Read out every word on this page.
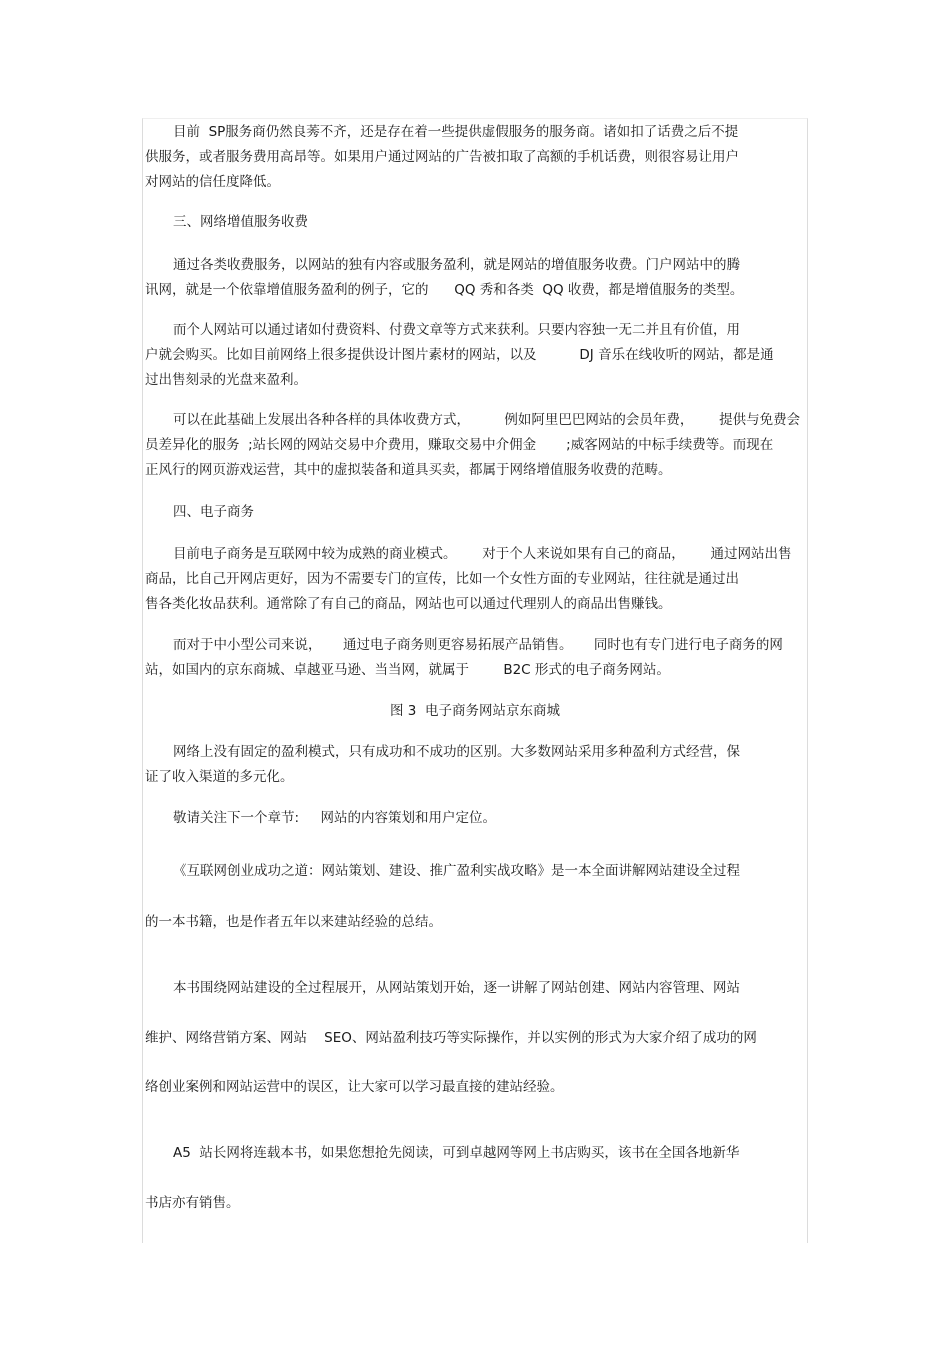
目前  SP服务商仍然良莠不齐，还是存在着一些提供虚假服务的服务商。诸如扣了话费之后不提
供服务，或者服务费用高昂等。如果用户通过网站的广告被扣取了高额的手机话费，则很容易让用户
对网站的信任度降低。
三、网络增值服务收费
通过各类收费服务，以网站的独有内容或服务盈利，就是网站的增值服务收费。门户网站中的腾
讯网，就是一个依靠增值服务盈利的例子，它的      QQ 秀和各类  QQ 收费，都是增值服务的类型。
而个人网站可以通过诸如付费资料、付费文章等方式来获利。只要内容独一无二并且有价值，用
户就会购买。比如目前网络上很多提供设计图片素材的网站，以及          DJ 音乐在线收听的网站，都是通
过出售刻录的光盘来盈利。
可以在此基础上发展出各种各样的具体收费方式，        例如阿里巴巴网站的会员年费，      提供与免费会
员差异化的服务  ;站长网的网站交易中介费用，赚取交易中介佣金       ;威客网站的中标手续费等。而现在
正风行的网页游戏运营，其中的虚拟装备和道具买卖，都属于网络增值服务收费的范畴。
四、电子商务
目前电子商务是互联网中较为成熟的商业模式。      对于个人来说如果有自己的商品，      通过网站出售
商品，比自己开网店更好，因为不需要专门的宣传，比如一个女性方面的专业网站，往往就是通过出
售各类化妆品获利。通常除了有自己的商品，网站也可以通过代理别人的商品出售赚钱。
而对于中小型公司来说，     通过电子商务则更容易拓展产品销售。     同时也有专门进行电子商务的网
站，如国内的京东商城、卓越亚马逊、当当网，就属于        B2C 形式的电子商务网站。
图 3  电子商务网站京东商城
网络上没有固定的盈利模式，只有成功和不成功的区别。大多数网站采用多种盈利方式经营，保
证了收入渠道的多元化。
敬请关注下一个章节:     网站的内容策划和用户定位。
《互联网创业成功之道：网站策划、建设、推广盈利实战攻略》是一本全面讲解网站建设全过程
的一本书籍，也是作者五年以来建站经验的总结。
本书围绕网站建设的全过程展开，从网站策划开始，逐一讲解了网站创建、网站内容管理、网站
维护、网络营销方案、网站    SEO、网站盈利技巧等实际操作，并以实例的形式为大家介绍了成功的网
络创业案例和网站运营中的误区，让大家可以学习最直接的建站经验。
A5  站长网将连载本书，如果您想抢先阅读，可到卓越网等网上书店购买，该书在全国各地新华
书店亦有销售。
